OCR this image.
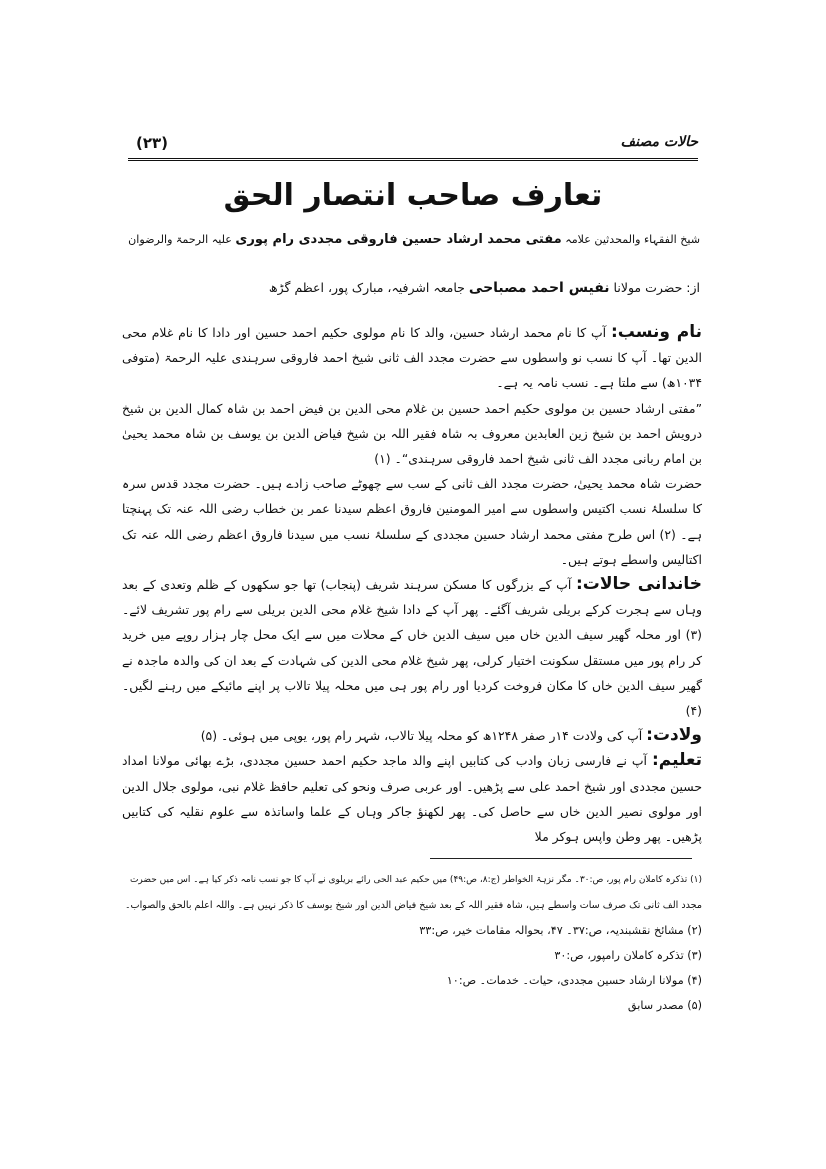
حالات مصنف
(۲۳)
تعارف صاحب انتصار الحق
شیخ الفقہاء والمحدثین علامہ مفتی محمد ارشاد حسین فاروقی مجددی رام پوری علیہ الرحمۃ والرضوان
از: حضرت مولانا نفیس احمد مصباحی جامعہ اشرفیہ، مبارک پور، اعظم گڑھ

نام ونسب: آپ کا نام محمد ارشاد حسین، والد کا نام مولوی حکیم احمد حسین اور دادا کا نام غلام محی الدین تھا۔ آپ کا نسب نو واسطوں سے حضرت مجدد الف ثانی شیخ احمد فاروقی سرہندی علیہ الرحمۃ (متوفی ۱۰۳۴ھ) سے ملتا ہے۔ نسب نامہ یہ ہے۔

”مفتی ارشاد حسین بن مولوی حکیم احمد حسین بن غلام محی الدین بن فیض احمد بن شاہ کمال الدین بن شیخ درویش احمد بن شیخ زین العابدین معروف بہ شاہ فقیر اللہ بن شیخ فیاض الدین بن یوسف بن شاہ محمد یحییٰ بن امام ربانی مجدد الف ثانی شیخ احمد فاروقی سرہندی“۔ (۱)

حضرت شاہ محمد یحییٰ، حضرت مجدد الف ثانی کے سب سے چھوٹے صاحب زادے ہیں۔ حضرت مجدد قدس سرہ کا سلسلۂ نسب اکتیس واسطوں سے امیر المومنین فاروق اعظم سیدنا عمر بن خطاب رضی اللہ عنہ تک پہنچتا ہے۔ (۲) اس طرح مفتی محمد ارشاد حسین مجددی کے سلسلۂ نسب میں سیدنا فاروق اعظم رضی اللہ عنہ تک اکتالیس واسطے ہوتے ہیں۔

خاندانی حالات: آپ کے بزرگوں کا مسکن سرہند شریف (پنجاب) تھا جو سکھوں کے ظلم وتعدی کے بعد وہاں سے ہجرت کرکے بریلی شریف آگئے۔ پھر آپ کے دادا شیخ غلام محی الدین بریلی سے رام پور تشریف لائے۔ (۳) اور محلہ گھیر سیف الدین خاں میں سیف الدین خاں کے محلات میں سے ایک محل چار ہزار روپے میں خرید کر رام پور میں مستقل سکونت اختیار کرلی، پھر شیخ غلام محی الدین کی شہادت کے بعد ان کی والدہ ماجدہ نے گھیر سیف الدین خاں کا مکان فروخت کردیا اور رام پور ہی میں محلہ پیلا تالاب پر اپنے مائیکے میں رہنے لگیں۔ (۴)

ولادت: آپ کی ولادت ۱۴ر صفر ۱۲۴۸ھ کو محلہ پیلا تالاب، شہر رام پور، یوپی میں ہوئی۔ (۵)

تعلیم: آپ نے فارسی زبان وادب کی کتابیں اپنے والد ماجد حکیم احمد حسین مجددی، بڑے بھائی مولانا امداد حسین مجددی اور شیخ احمد علی سے پڑھیں۔ اور عربی صرف ونحو کی تعلیم حافظ غلام نبی، مولوی جلال الدین اور مولوی نصیر الدین خاں سے حاصل کی۔ پھر لکھنؤ جاکر وہاں کے علما واساتذہ سے علوم نقلیہ کی کتابیں پڑھیں۔ پھر وطن واپس ہوکر ملا

(۱) تذکرہ کاملان رام پور، ص:۳۰۔ مگر نزہۃ الخواطر (ج:۸، ص:۴۹) میں حکیم عبد الحی رائے بریلوی نے آپ کا جو نسب نامہ ذکر کیا ہے۔ اس میں حضرت

مجدد الف ثانی تک صرف سات واسطے ہیں، شاہ فقیر اللہ کے بعد شیخ فیاض الدین اور شیخ یوسف کا ذکر نہیں ہے۔ واللہ اعلم بالحق والصواب۔

(۲) مشائخ نقشبندیہ، ص:۳۷۔ ۴۷، بحوالہ مقامات خیر، ص:۳۳

(۳) تذکرہ کاملان رامپور، ص:۳۰

(۴) مولانا ارشاد حسین مجددی، حیات۔ خدمات۔ ص:۱۰

(۵) مصدر سابق
